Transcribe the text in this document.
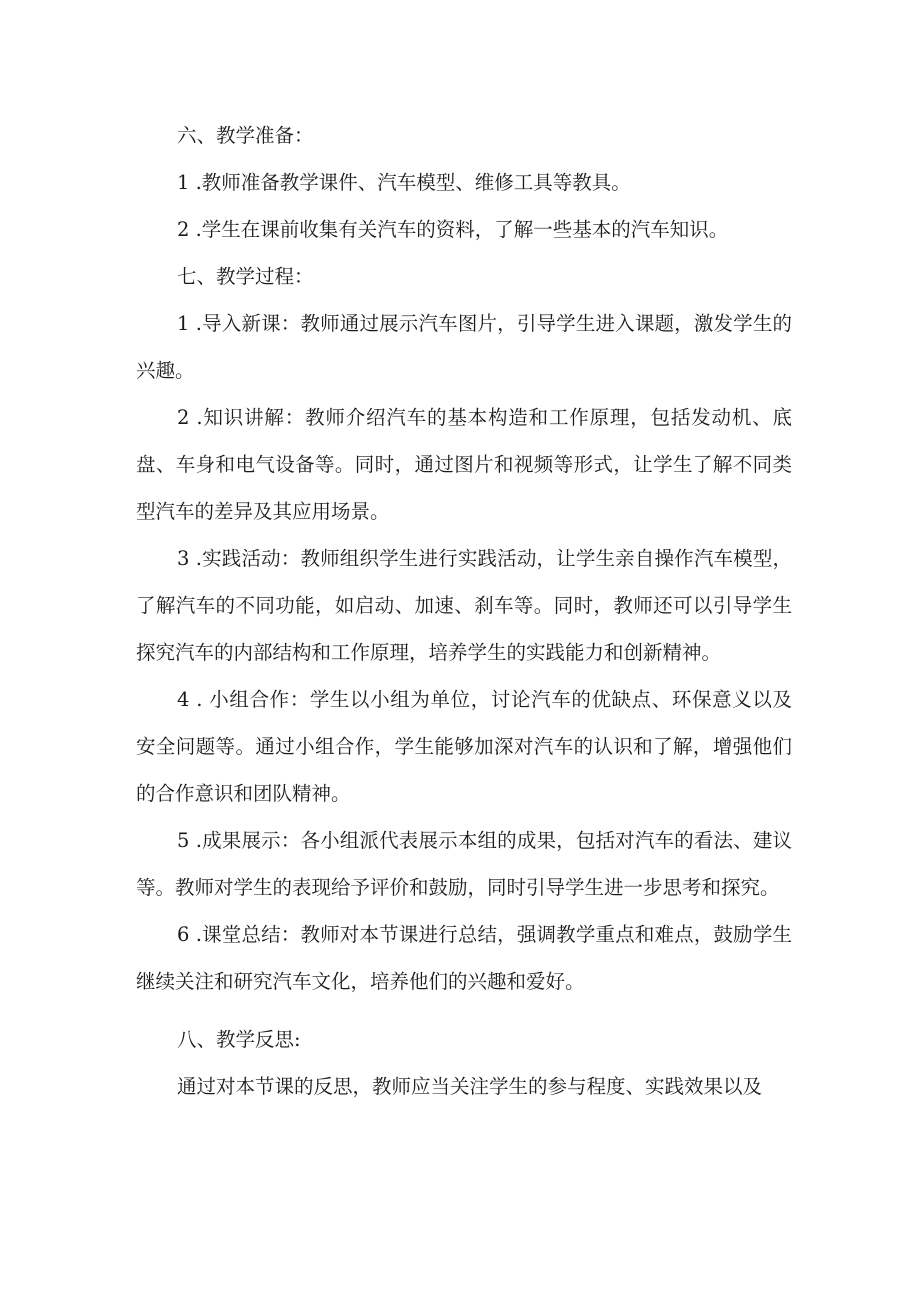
六、教学准备：

1 .教师准备教学课件、汽车模型、维修工具等教具。

2 .学生在课前收集有关汽车的资料，了解一些基本的汽车知识。

七、教学过程：

1 .导入新课：教师通过展示汽车图片，引导学生进入课题，激发学生的兴趣。

2 .知识讲解：教师介绍汽车的基本构造和工作原理，包括发动机、底盘、车身和电气设备等。同时，通过图片和视频等形式，让学生了解不同类型汽车的差异及其应用场景。

3 .实践活动：教师组织学生进行实践活动，让学生亲自操作汽车模型，了解汽车的不同功能，如启动、加速、刹车等。同时，教师还可以引导学生探究汽车的内部结构和工作原理，培养学生的实践能力和创新精神。

4 . 小组合作：学生以小组为单位，讨论汽车的优缺点、环保意义以及安全问题等。通过小组合作，学生能够加深对汽车的认识和了解，增强他们的合作意识和团队精神。

5 .成果展示：各小组派代表展示本组的成果，包括对汽车的看法、建议等。教师对学生的表现给予评价和鼓励，同时引导学生进一步思考和探究。

6 .课堂总结：教师对本节课进行总结，强调教学重点和难点，鼓励学生继续关注和研究汽车文化，培养他们的兴趣和爱好。

八、教学反思:

通过对本节课的反思，教师应当关注学生的参与程度、实践效果以及
